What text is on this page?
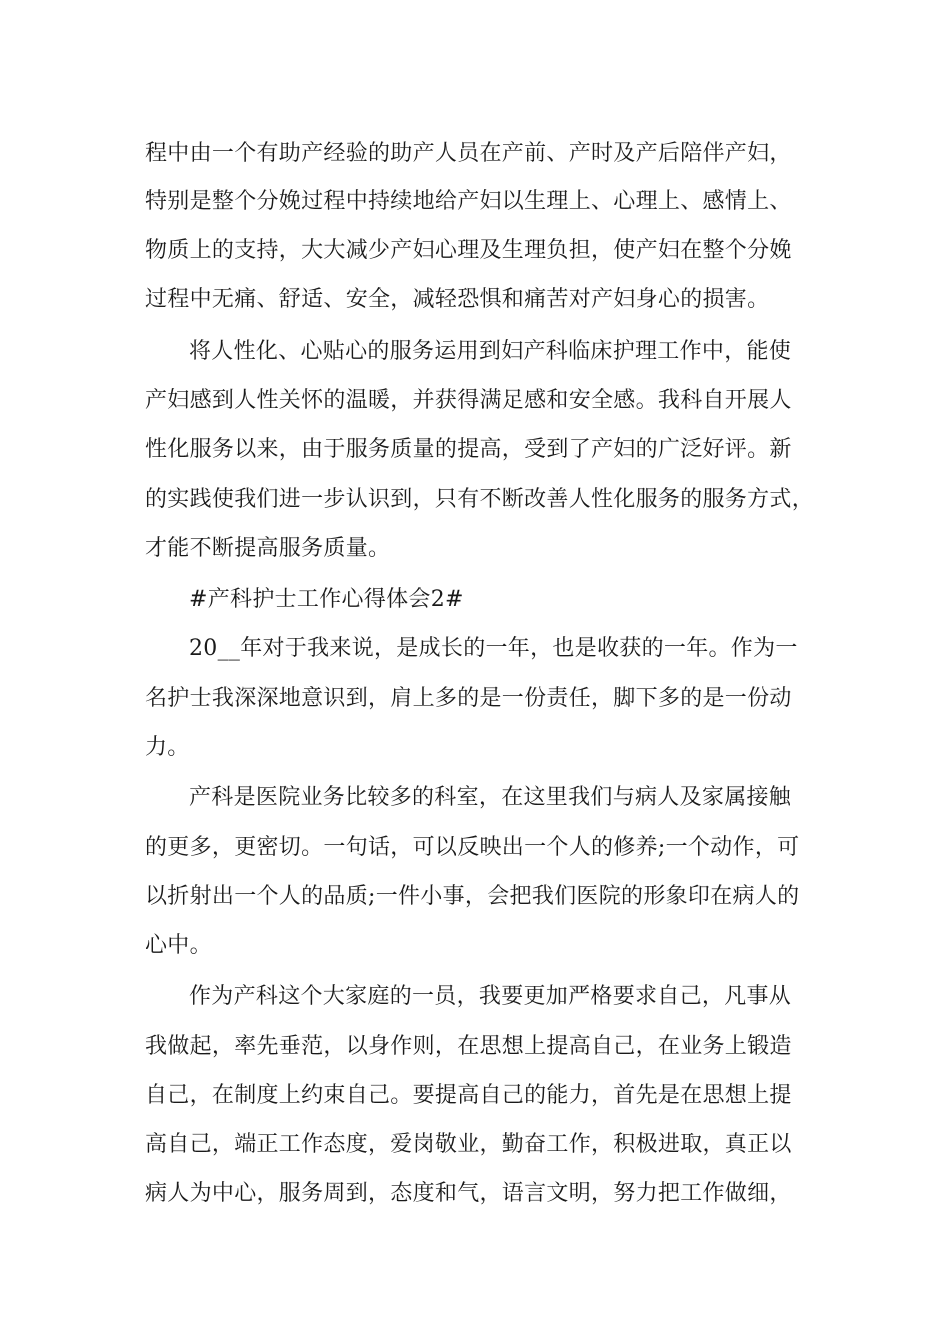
程中由一个有助产经验的助产人员在产前、产时及产后陪伴产妇，
特别是整个分娩过程中持续地给产妇以生理上、心理上、感情上、
物质上的支持，大大减少产妇心理及生理负担，使产妇在整个分娩
过程中无痛、舒适、安全，减轻恐惧和痛苦对产妇身心的损害。
将人性化、心贴心的服务运用到妇产科临床护理工作中，能使
产妇感到人性关怀的温暖，并获得满足感和安全感。我科自开展人
性化服务以来，由于服务质量的提高，受到了产妇的广泛好评。新
的实践使我们进一步认识到，只有不断改善人性化服务的服务方式，
才能不断提高服务质量。
#产科护士工作心得体会2#
20__年对于我来说，是成长的一年，也是收获的一年。作为一
名护士我深深地意识到，肩上多的是一份责任，脚下多的是一份动
力。
产科是医院业务比较多的科室，在这里我们与病人及家属接触
的更多，更密切。一句话，可以反映出一个人的修养;一个动作，可
以折射出一个人的品质;一件小事，会把我们医院的形象印在病人的
心中。
作为产科这个大家庭的一员，我要更加严格要求自己，凡事从
我做起，率先垂范，以身作则，在思想上提高自己，在业务上锻造
自己，在制度上约束自己。要提高自己的能力，首先是在思想上提
高自己，端正工作态度，爱岗敬业，勤奋工作，积极进取，真正以
病人为中心，服务周到，态度和气，语言文明，努力把工作做细，
